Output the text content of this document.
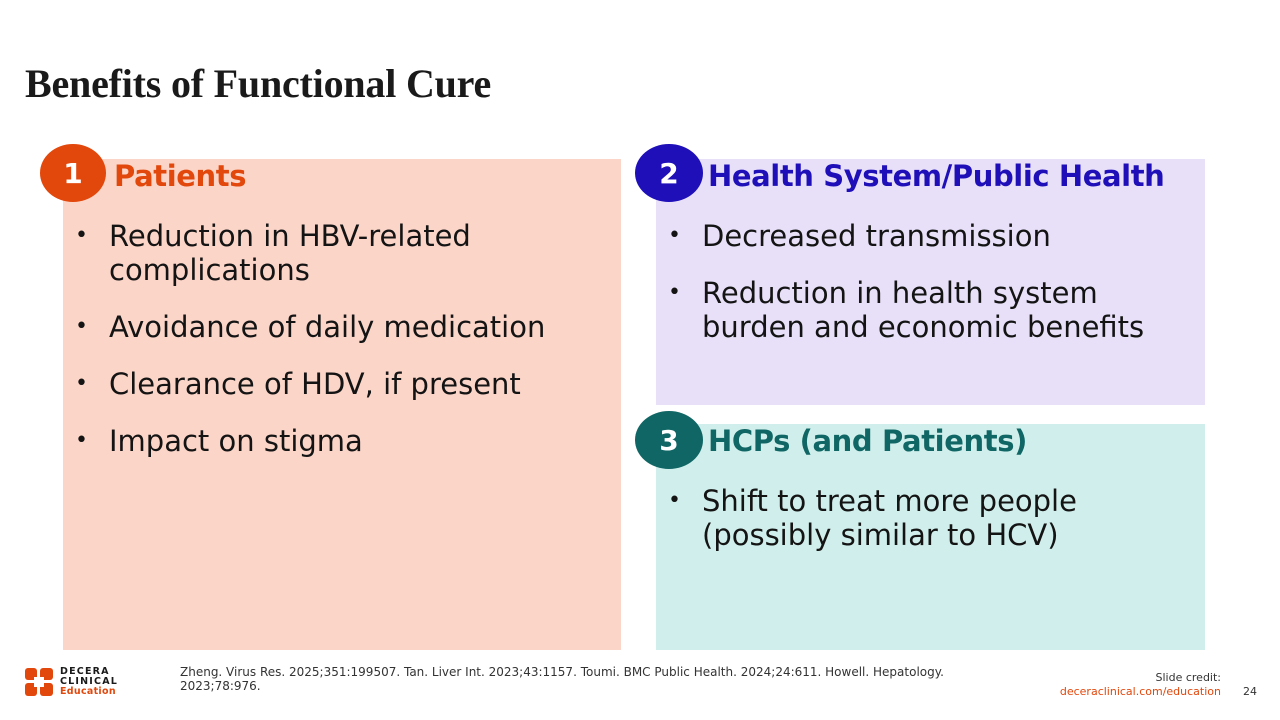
Benefits of Functional Cure
1	2
3
Patients	Health System/Public Health
HCPs (and Patients)
• Reduction in HBV-related complications
• Avoidance of daily medication
• Clearance of HDV, if present
• Impact on stigma
• Decreased transmission
• Reduction in health system burden and economic benefits
• Shift to treat more people (possibly similar to HCV)
DECERA
CLINICAL
Education
Zheng. Virus Res. 2025;351:199507. Tan. Liver Int. 2023;43:1157. Toumi. BMC Public Health. 2024;24:611. Howell. Hepatology. 2023;78:976.
Slide credit:
deceraclinical.com/education 24
